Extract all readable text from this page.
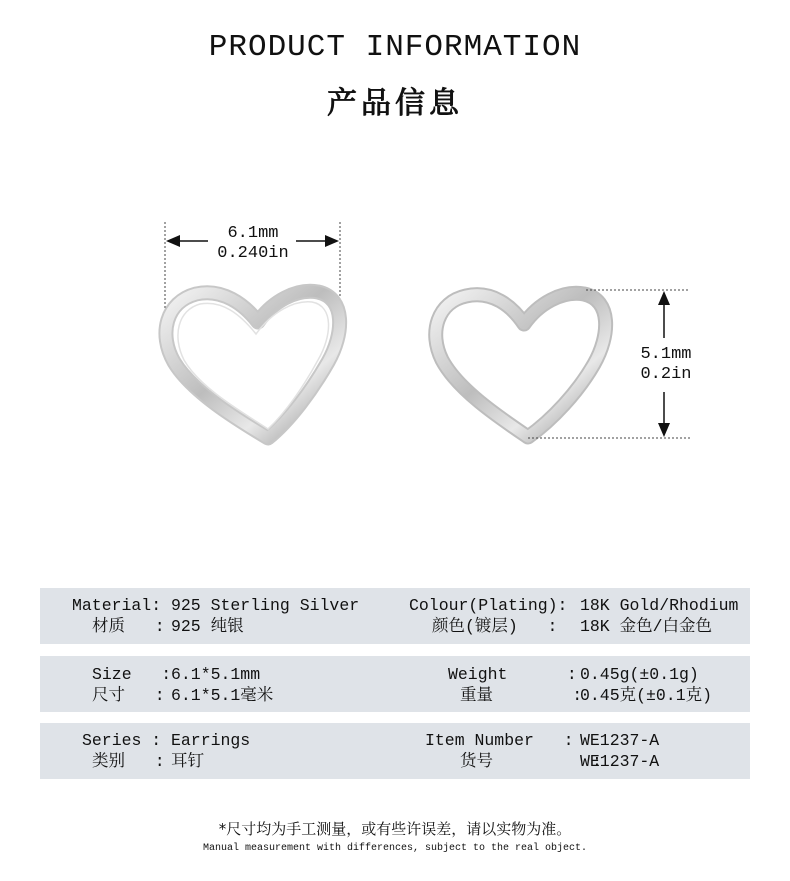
PRODUCT INFORMATION
产品信息
6.1mm
0.240in
5.1mm
0.2in
Material: 925 Sterling Silver
材质   : 925 纯银
Colour(Plating): 18K Gold/Rhodium
颜色(镀层)   : 18K 金色/白金色
Size   : 6.1*5.1mm
尺寸   : 6.1*5.1毫米
Weight      : 0.45g(±0.1g)
重量        :
0.45克(±0.1克)
Series : Earrings
类别   : 耳钉
Item Number   : WE1237-A
货号          :
WE1237-A
*尺寸均为手工测量，或有些许误差，请以实物为准。
Manual measurement with differences, subject to the real object.
